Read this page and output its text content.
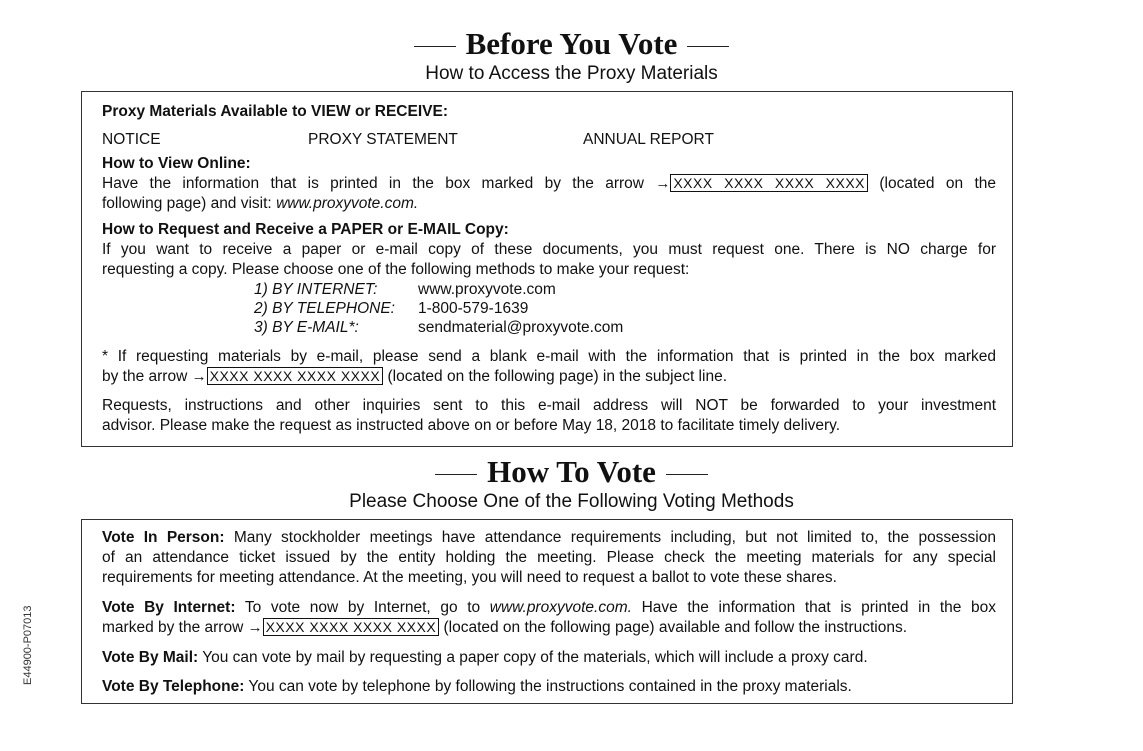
Before You Vote
How to Access the Proxy Materials
Proxy Materials Available to VIEW or RECEIVE:
NOTICE	PROXY STATEMENT	ANNUAL REPORT
How to View Online:
Have the information that is printed in the box marked by the arrow → XXXX XXXX XXXX XXXX (located on the
following page) and visit: www.proxyvote.com.
How to Request and Receive a PAPER or E-MAIL Copy:
If you want to receive a paper or e-mail copy of these documents, you must request one. There is NO charge for
requesting a copy. Please choose one of the following methods to make your request:
1) BY INTERNET:	www.proxyvote.com
2) BY TELEPHONE: 1-800-579-1639
3) BY E-MAIL*:	sendmaterial@proxyvote.com
* If requesting materials by e-mail, please send a blank e-mail with the information that is printed in the box marked
by the arrow → XXXX XXXX XXXX XXXX (located on the following page) in the subject line.
Requests, instructions and other inquiries sent to this e-mail address will NOT be forwarded to your investment
advisor. Please make the request as instructed above on or before May 18, 2018 to facilitate timely delivery.
How To Vote
Please Choose One of the Following Voting Methods
Vote In Person: Many stockholder meetings have attendance requirements including, but not limited to, the possession
of an attendance ticket issued by the entity holding the meeting. Please check the meeting materials for any special
requirements for meeting attendance. At the meeting, you will need to request a ballot to vote these shares.
Vote By Internet: To vote now by Internet, go to www.proxyvote.com. Have the information that is printed in the box
marked by the arrow → XXXX XXXX XXXX XXXX (located on the following page) available and follow the instructions.
Vote By Mail: You can vote by mail by requesting a paper copy of the materials, which will include a proxy card.
Vote By Telephone: You can vote by telephone by following the instructions contained in the proxy materials.
E44900-P07013
